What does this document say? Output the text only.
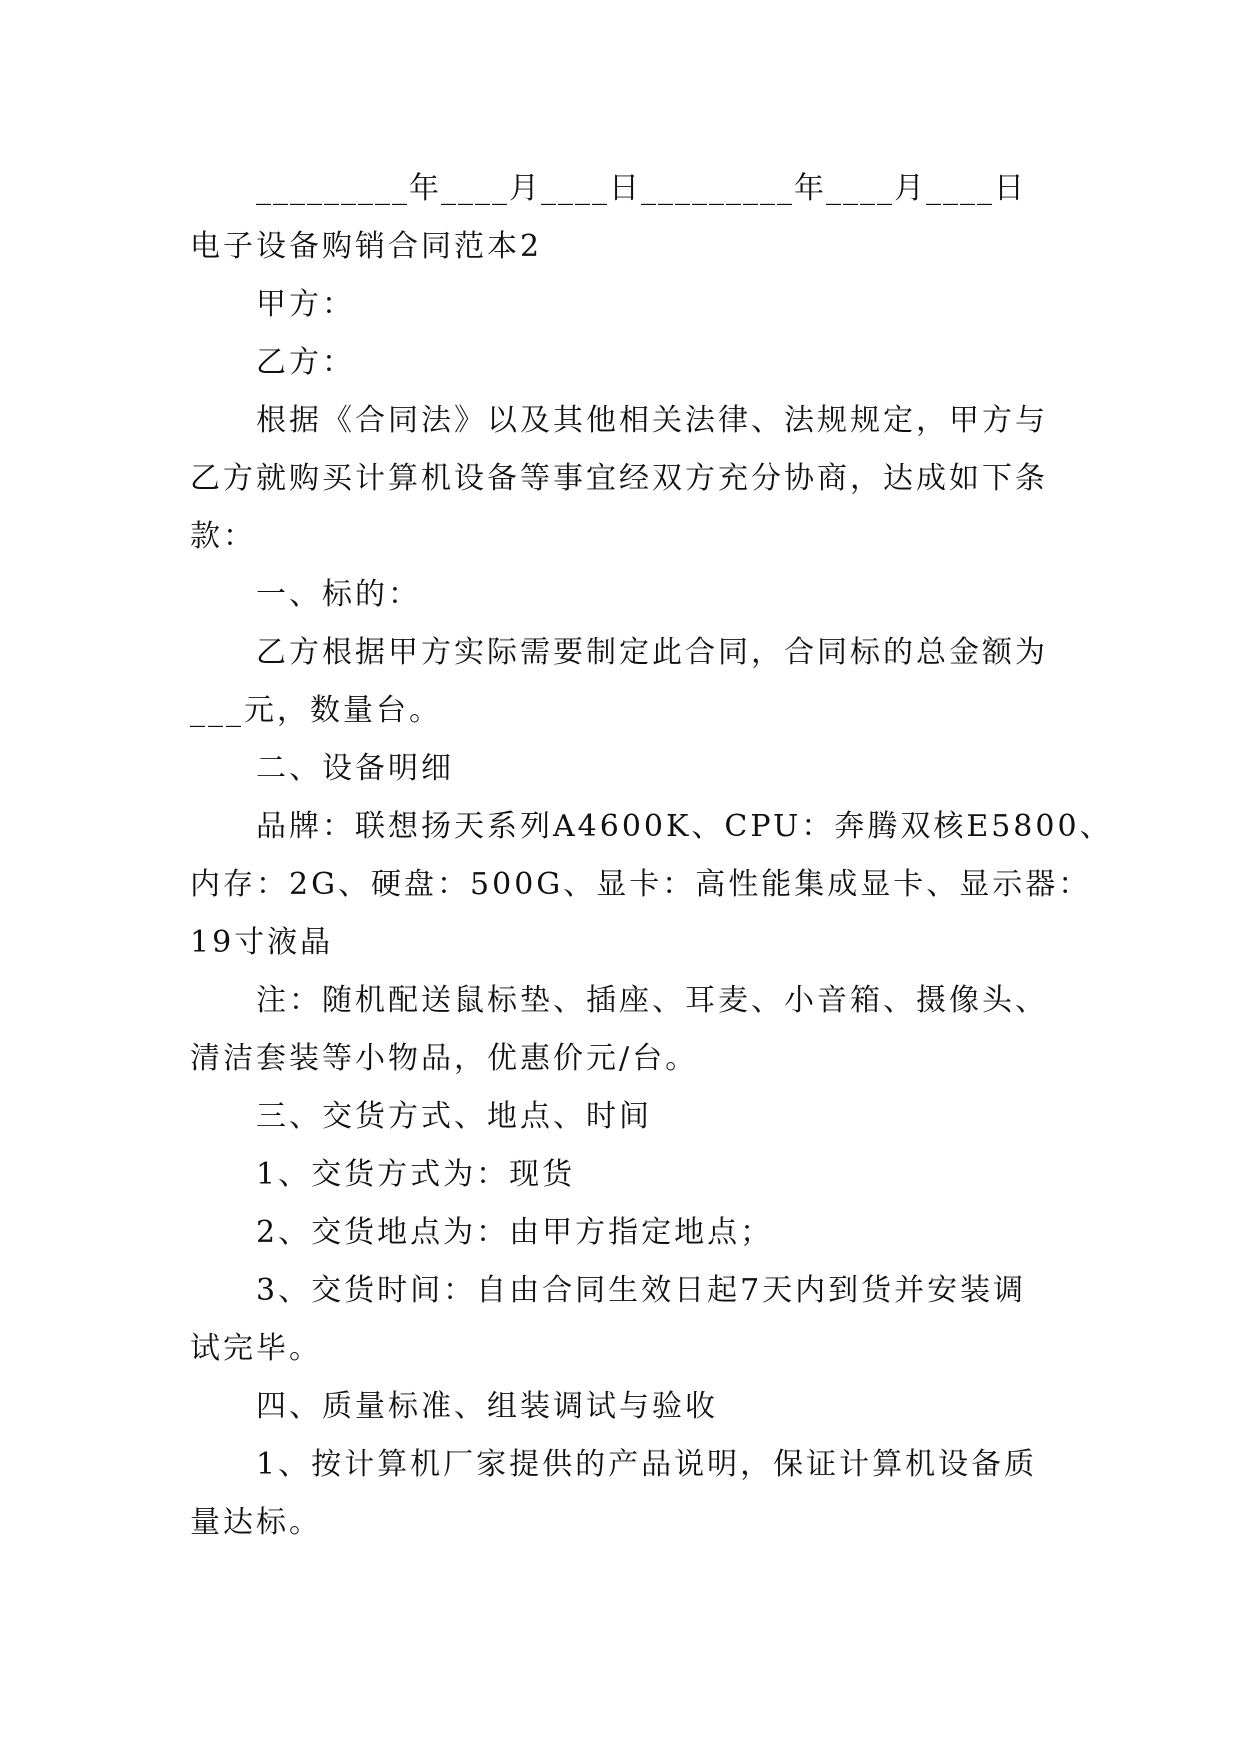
_________年____月____日_________年____月____日
电子设备购销合同范本2
甲方：
乙方：
根据《合同法》以及其他相关法律、法规规定，甲方与
乙方就购买计算机设备等事宜经双方充分协商，达成如下条
款：
一、标的：
乙方根据甲方实际需要制定此合同，合同标的总金额为
___元，数量台。
二、设备明细
品牌：联想扬天系列A4600K、CPU：奔腾双核E5800、
内存：2G、硬盘：500G、显卡：高性能集成显卡、显示器：
19寸液晶
注：随机配送鼠标垫、插座、耳麦、小音箱、摄像头、
清洁套装等小物品，优惠价元/台。
三、交货方式、地点、时间
1、交货方式为：现货
2、交货地点为：由甲方指定地点；
3、交货时间：自由合同生效日起7天内到货并安装调
试完毕。
四、质量标准、组装调试与验收
1、按计算机厂家提供的产品说明，保证计算机设备质
量达标。
